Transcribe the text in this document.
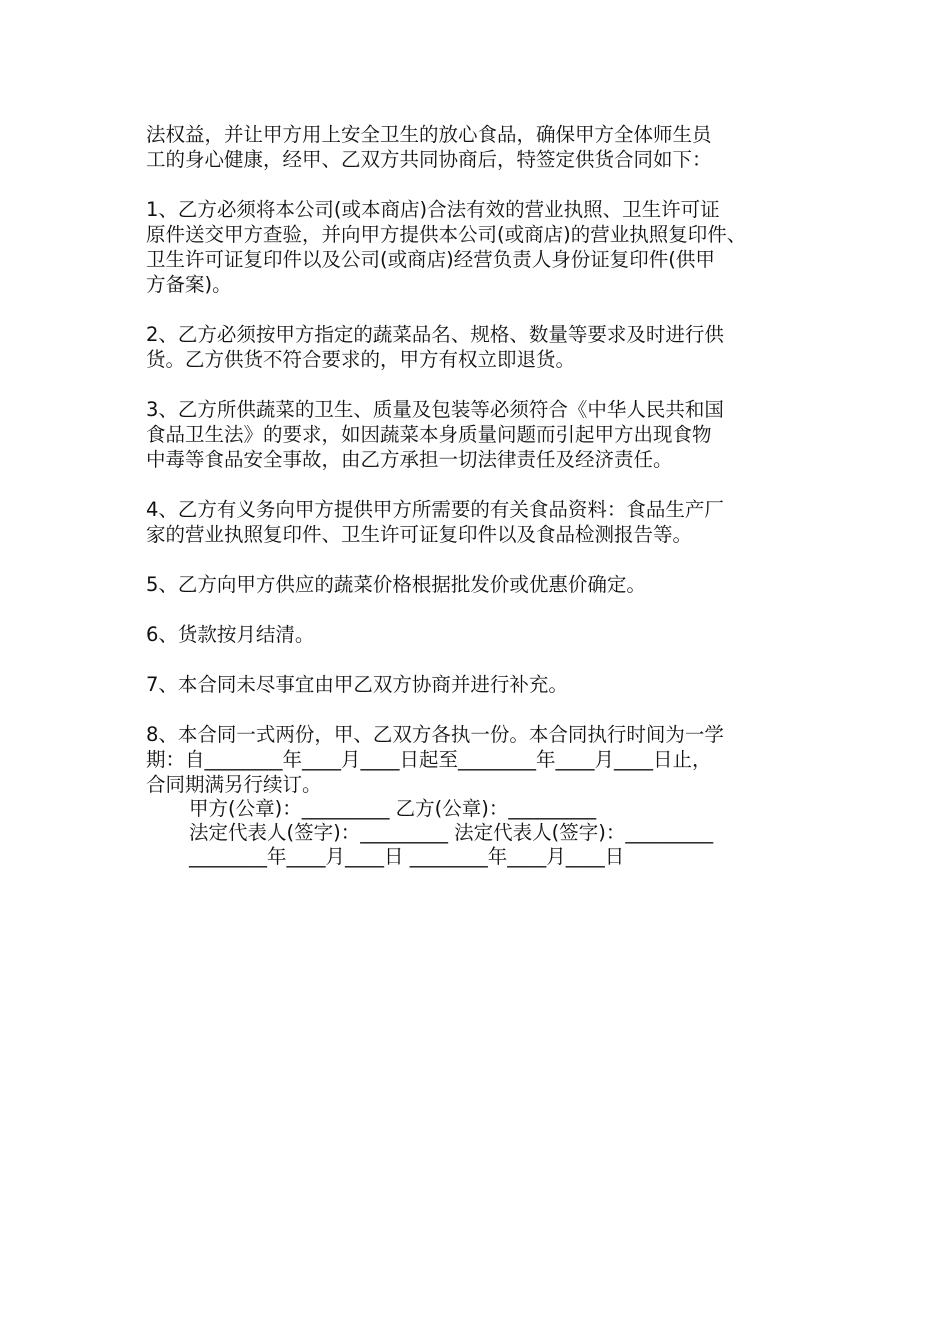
法权益，并让甲方用上安全卫生的放心食品，确保甲方全体师生员
工的身心健康，经甲、乙双方共同协商后，特签定供货合同如下：
1、乙方必须将本公司(或本商店)合法有效的营业执照、卫生许可证
原件送交甲方查验，并向甲方提供本公司(或商店)的营业执照复印件、
卫生许可证复印件以及公司(或商店)经营负责人身份证复印件(供甲
方备案)。
2、乙方必须按甲方指定的蔬菜品名、规格、数量等要求及时进行供
货。乙方供货不符合要求的，甲方有权立即退货。
3、乙方所供蔬菜的卫生、质量及包装等必须符合《中华人民共和国
食品卫生法》的要求，如因蔬菜本身质量问题而引起甲方出现食物
中毒等食品安全事故，由乙方承担一切法律责任及经济责任。
4、乙方有义务向甲方提供甲方所需要的有关食品资料：食品生产厂
家的营业执照复印件、卫生许可证复印件以及食品检测报告等。
5、乙方向甲方供应的蔬菜价格根据批发价或优惠价确定。
6、货款按月结清。
7、本合同未尽事宜由甲乙双方协商并进行补充。
8、本合同一式两份，甲、乙双方各执一份。本合同执行时间为一学
期：自________年____月____日起至________年____月____日止，
合同期满另行续订。
甲方(公章)：_________ 乙方(公章)：_________
法定代表人(签字)：_________ 法定代表人(签字)：_________
________年____月____日 ________年____月____日
